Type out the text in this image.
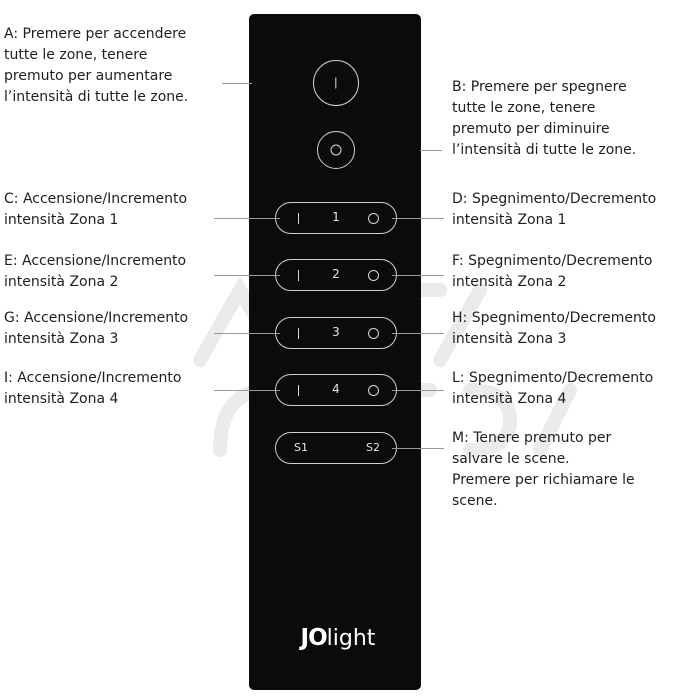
1
2
3
4
S1	S2
JOlight
A: Premere per accendere
tutte le zone, tenere
premuto per aumentare
l’intensità di tutte le zone.
B: Premere per spegnere
tutte le zone, tenere
premuto per diminuire
l’intensità di tutte le zone.
C: Accensione/Incremento
intensità Zona 1
D: Spegnimento/Decremento
intensità Zona 1
E: Accensione/Incremento
intensità Zona 2
F: Spegnimento/Decremento
intensità Zona 2
G: Accensione/Incremento
intensità Zona 3
H: Spegnimento/Decremento
intensità Zona 3
I: Accensione/Incremento
intensità Zona 4
L: Spegnimento/Decremento
intensità Zona 4
M: Tenere premuto per
salvare le scene.
Premere per richiamare le
scene.
